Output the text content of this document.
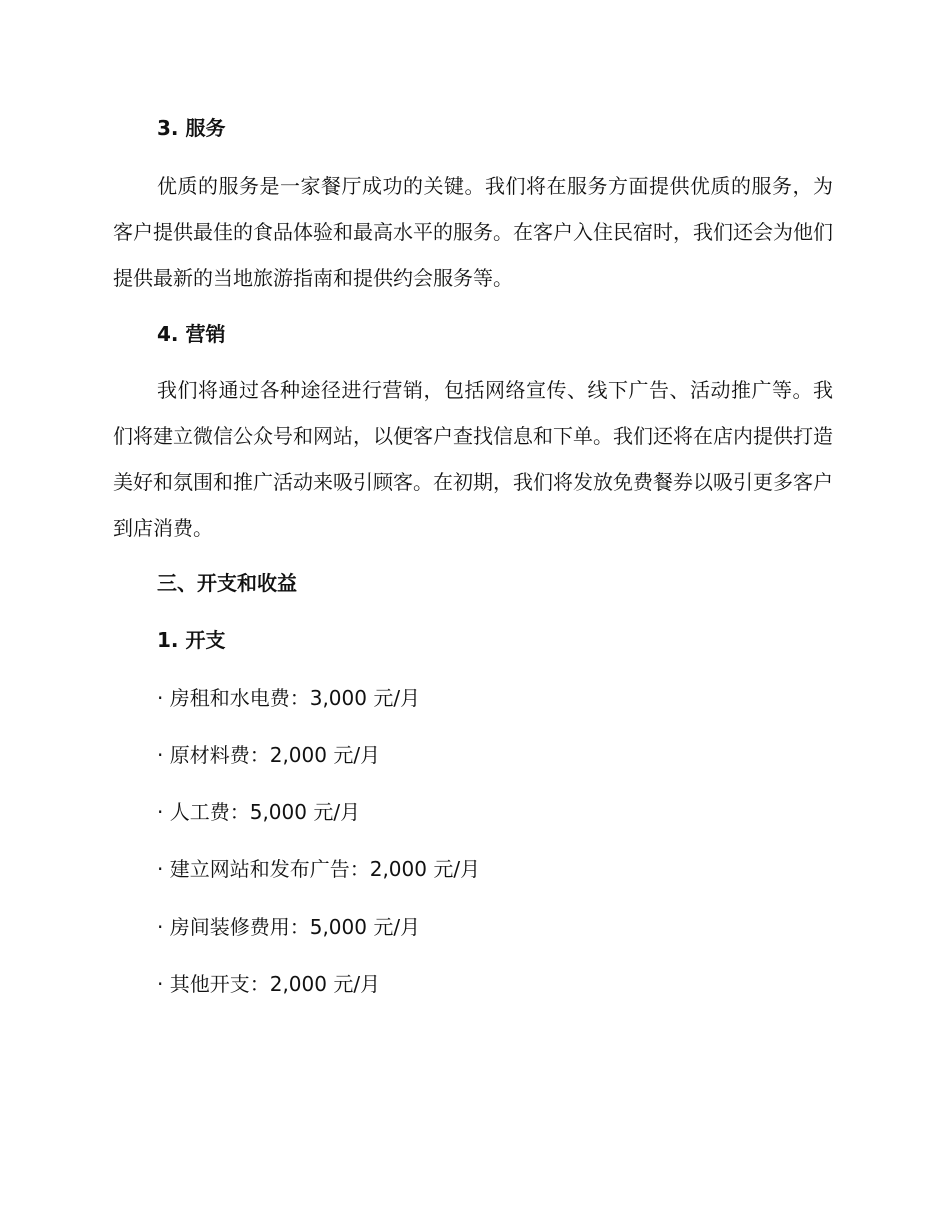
3. 服务

优质的服务是一家餐厅成功的关键。我们将在服务方面提供优质的服务，为客户提供最佳的食品体验和最高水平的服务。在客户入住民宿时，我们还会为他们提供最新的当地旅游指南和提供约会服务等。

4. 营销

我们将通过各种途径进行营销，包括网络宣传、线下广告、活动推广等。我们将建立微信公众号和网站，以便客户查找信息和下单。我们还将在店内提供打造美好和氛围和推广活动来吸引顾客。在初期，我们将发放免费餐券以吸引更多客户到店消费。

三、开支和收益
1. 开支
· 房租和水电费：3,000 元/月
· 原材料费：2,000 元/月
· 人工费：5,000 元/月
· 建立网站和发布广告：2,000 元/月
· 房间装修费用：5,000 元/月
· 其他开支：2,000 元/月
